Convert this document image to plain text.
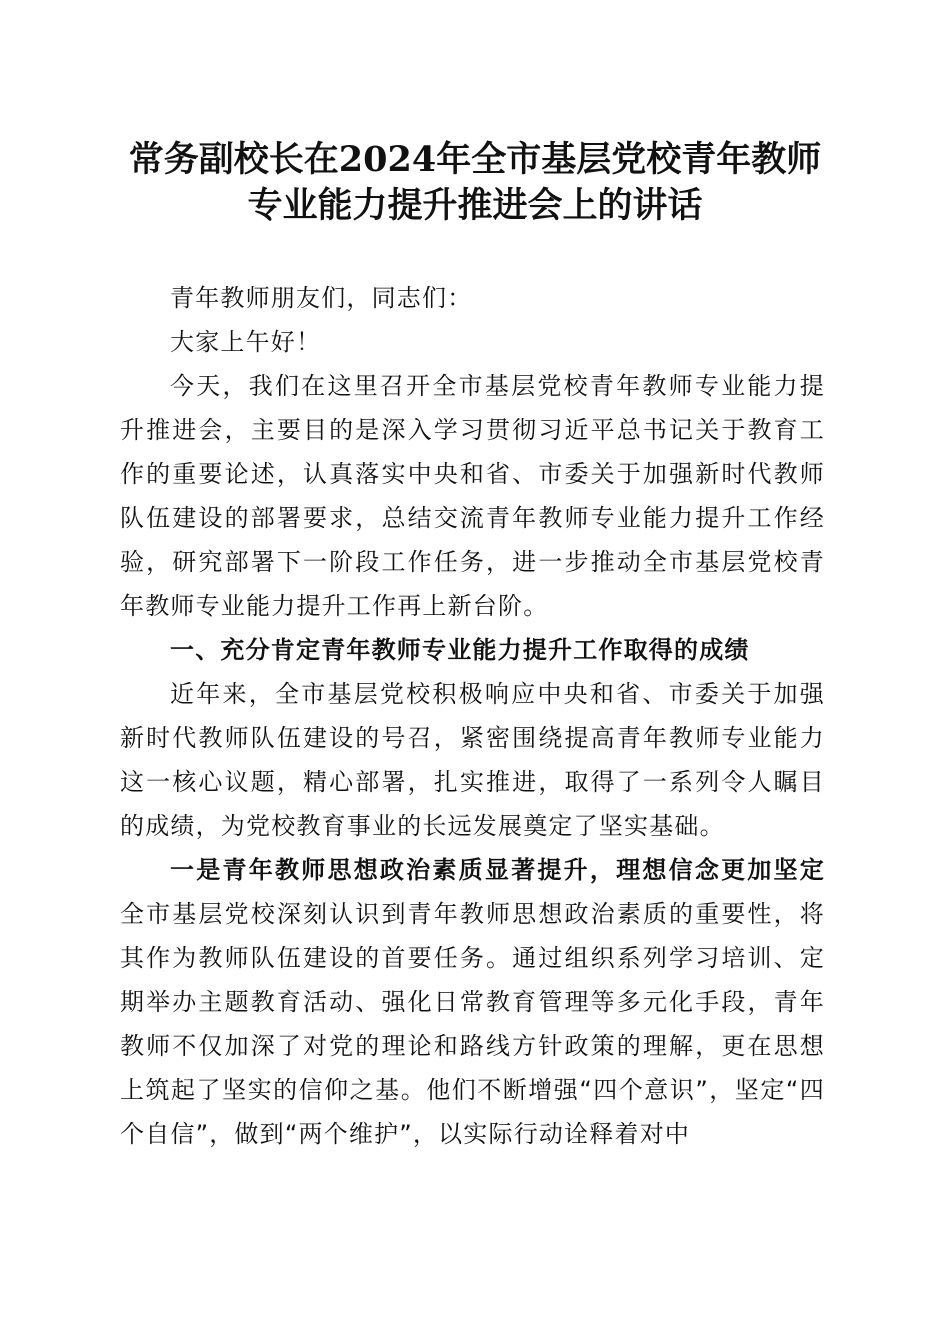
常务副校长在2024年全市基层党校青年教师
专业能力提升推进会上的讲话

青年教师朋友们，同志们：

大家上午好！

今天，我们在这里召开全市基层党校青年教师专业能力提升推进会，主要目的是深入学习贯彻习近平总书记关于教育工作的重要论述，认真落实中央和省、市委关于加强新时代教师队伍建设的部署要求，总结交流青年教师专业能力提升工作经验，研究部署下一阶段工作任务，进一步推动全市基层党校青年教师专业能力提升工作再上新台阶。

一、充分肯定青年教师专业能力提升工作取得的成绩

近年来，全市基层党校积极响应中央和省、市委关于加强新时代教师队伍建设的号召，紧密围绕提高青年教师专业能力这一核心议题，精心部署，扎实推进，取得了一系列令人瞩目的成绩，为党校教育事业的长远发展奠定了坚实基础。

一是青年教师思想政治素质显著提升，理想信念更加坚定全市基层党校深刻认识到青年教师思想政治素质的重要性，将其作为教师队伍建设的首要任务。通过组织系列学习培训、定期举办主题教育活动、强化日常教育管理等多元化手段，青年教师不仅加深了对党的理论和路线方针政策的理解，更在思想上筑起了坚实的信仰之基。他们不断增强“四个意识”，坚定“四个自信”，做到“两个维护”，以实际行动诠释着对中
